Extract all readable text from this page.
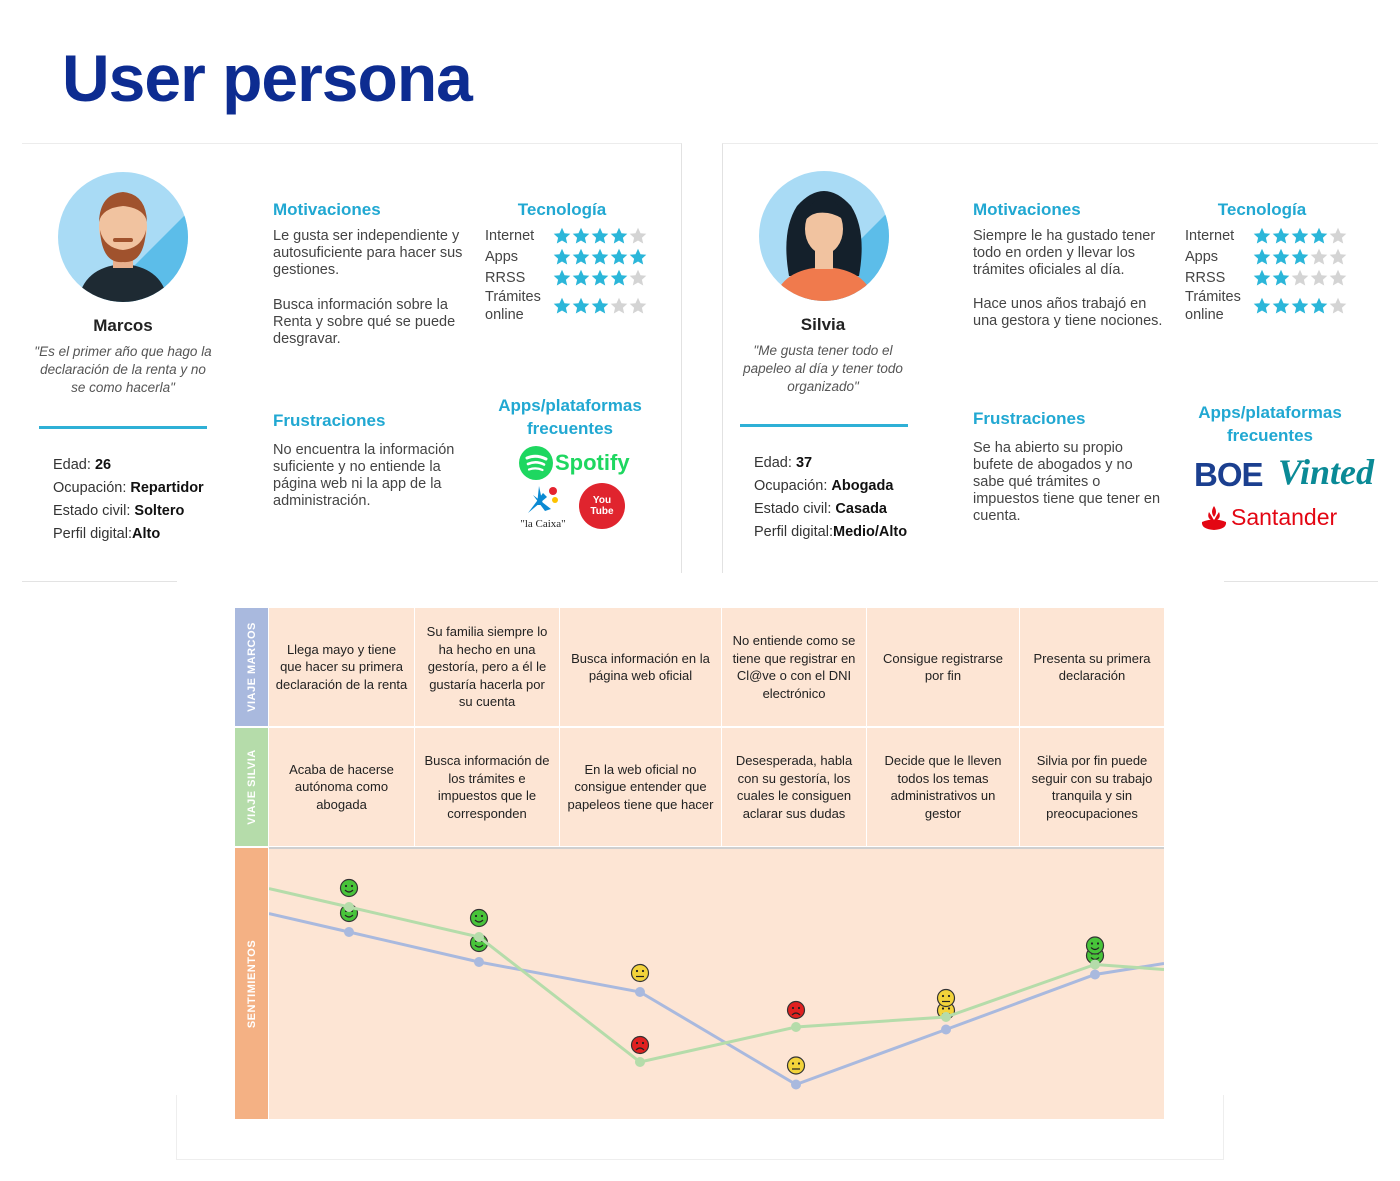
User persona
Marcos
"Es el primer año que hago la declaración de la renta y no se como hacerla"
Edad: 26
Ocupación: Repartidor
Estado civil: Soltero
Perfil digital:Alto
Motivaciones
Le gusta ser independiente y autosuficiente para hacer sus gestiones.
Busca información sobre la Renta y sobre qué se puede desgravar.
Frustraciones
No encuentra la información suficiente y no entiende la página web ni la app de la administración.
Tecnología
Internet
Apps
RRSS
Trámites online
Apps/plataformas frecuentes
Spotify
"la Caixa"
You Tube
Silvia
"Me gusta tener todo el papeleo al día y tener todo organizado"
Edad: 37
Ocupación: Abogada
Estado civil: Casada
Perfil digital:Medio/Alto
Motivaciones
Siempre le ha gustado tener todo en orden y llevar los trámites oficiales al día.
Hace unos años trabajó en una gestora y tiene nociones.
Frustraciones
Se ha abierto su propio bufete de abogados y no sabe qué trámites o impuestos tiene que tener en cuenta.
Tecnología
Internet
Apps
RRSS
Trámites online
Apps/plataformas frecuentes
BOE Vinted
Santander
VIAJE MARCOS
VIAJE SILVIA
SENTIMIENTOS
Llega mayo y tiene que hacer su primera declaración de la renta
Su familia siempre lo ha hecho en una gestoría, pero a él le gustaría hacerla por su cuenta
Busca información en la página web oficial
No entiende como se tiene que registrar en Cl@ve o con el DNI electrónico
Consigue registrarse por fin
Presenta su primera declaración
Acaba de hacerse autónoma como abogada
Busca información de los trámites e impuestos que le corresponden
En la web oficial no consigue entender que papeleos tiene que hacer
Desesperada, habla con su gestoría, los cuales le consiguen aclarar sus dudas
Decide que le lleven todos los temas administrativos un gestor
Silvia por fin puede seguir con su trabajo tranquila y sin preocupaciones
